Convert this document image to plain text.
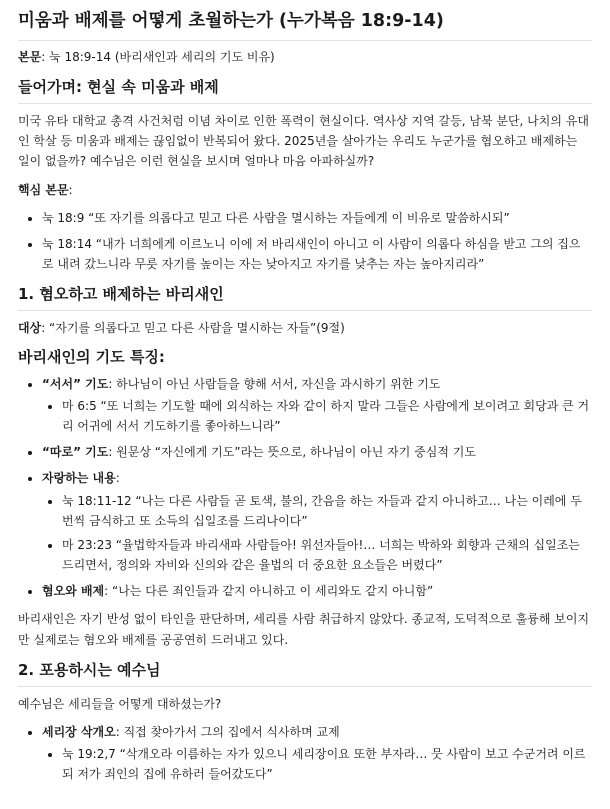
미움과 배제를 어떻게 초월하는가 (누가복음 18:9-14)

본문: 눅 18:9-14 (바리새인과 세리의 기도 비유)

들어가며: 현실 속 미움과 배제

미국 유타 대학교 총격 사건처럼 이념 차이로 인한 폭력이 현실이다. 역사상 지역 갈등, 남북 분단, 나치의 유대인 학살 등 미움과 배제는 끊임없이 반복되어 왔다. 2025년을 살아가는 우리도 누군가를 혐오하고 배제하는 일이 없을까? 예수님은 이런 현실을 보시며 얼마나 마음 아파하실까?

핵심 본문:

• 눅 18:9 “또 자기를 의롭다고 믿고 다른 사람을 멸시하는 자들에게 이 비유로 말씀하시되”
• 눅 18:14 “내가 너희에게 이르노니 이에 저 바리새인이 아니고 이 사람이 의롭다 하심을 받고 그의 집으로 내려 갔느니라 무릇 자기를 높이는 자는 낮아지고 자기를 낮추는 자는 높아지리라”
1. 혐오하고 배제하는 바리새인

대상: “자기를 의롭다고 믿고 다른 사람을 멸시하는 자들”(9절)

바리새인의 기도 특징:
• “서서” 기도: 하나님이 아닌 사람들을 향해 서서, 자신을 과시하기 위한 기도
• 마 6:5 “또 너희는 기도할 때에 외식하는 자와 같이 하지 말라 그들은 사람에게 보이려고 회당과 큰 거리 어귀에 서서 기도하기를 좋아하느니라”
• “따로” 기도: 원문상 “자신에게 기도”라는 뜻으로, 하나님이 아닌 자기 중심적 기도
• 자랑하는 내용:
• 눅 18:11-12 “나는 다른 사람들 곧 토색, 불의, 간음을 하는 자들과 같지 아니하고… 나는 이레에 두 번씩 금식하고 또 소득의 십일조를 드리나이다”
• 마 23:23 “율법학자들과 바리새파 사람들아! 위선자들아!… 너희는 박하와 회향과 근채의 십일조는 드리면서, 정의와 자비와 신의와 같은 율법의 더 중요한 요소들은 버렸다”
• 혐오와 배제: “나는 다른 죄인들과 같지 아니하고 이 세리와도 같지 아니함”

바리새인은 자기 반성 없이 타인을 판단하며, 세리를 사람 취급하지 않았다. 종교적, 도덕적으로 훌륭해 보이지만 실제로는 혐오와 배제를 공공연히 드러내고 있다.

2. 포용하시는 예수님

예수님은 세리들을 어떻게 대하셨는가?

• 세리장 삭개오: 직접 찾아가서 그의 집에서 식사하며 교제
• 눅 19:2,7 “삭개오라 이름하는 자가 있으니 세리장이요 또한 부자라… 뭇 사람이 보고 수군거려 이르되 저가 죄인의 집에 유하러 들어갔도다”
